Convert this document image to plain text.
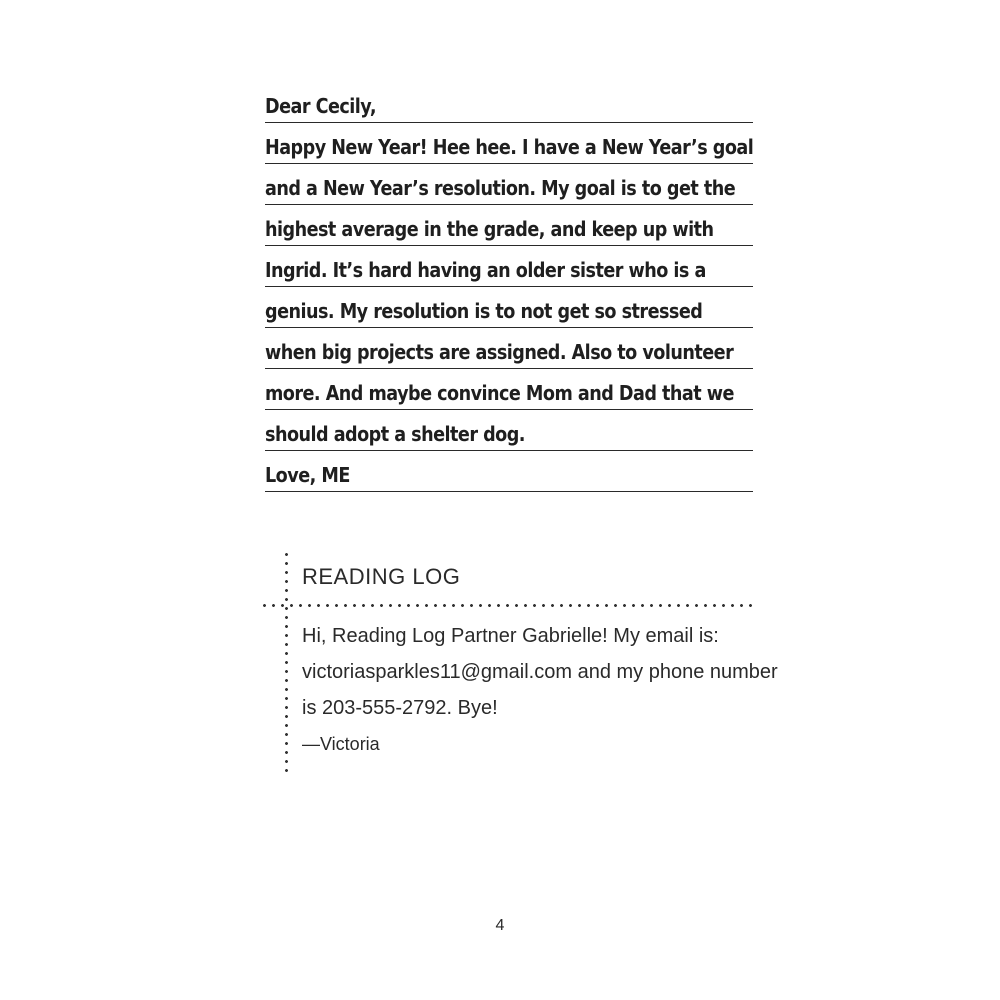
Dear Cecily,
Happy New Year! Hee hee. I have a New Year’s goal
and a New Year’s resolution. My goal is to get the
highest average in the grade, and keep up with
Ingrid. It’s hard having an older sister who is a
genius. My resolution is to not get so stressed
when big projects are assigned. Also to volunteer
more. And maybe convince Mom and Dad that we
should adopt a shelter dog.
Love, ME
READING LOG
Hi, Reading Log Partner Gabrielle! My email is:
victoriasparkles11@gmail.com and my phone number
is 203-555-2792. Bye!
—Victoria
4
